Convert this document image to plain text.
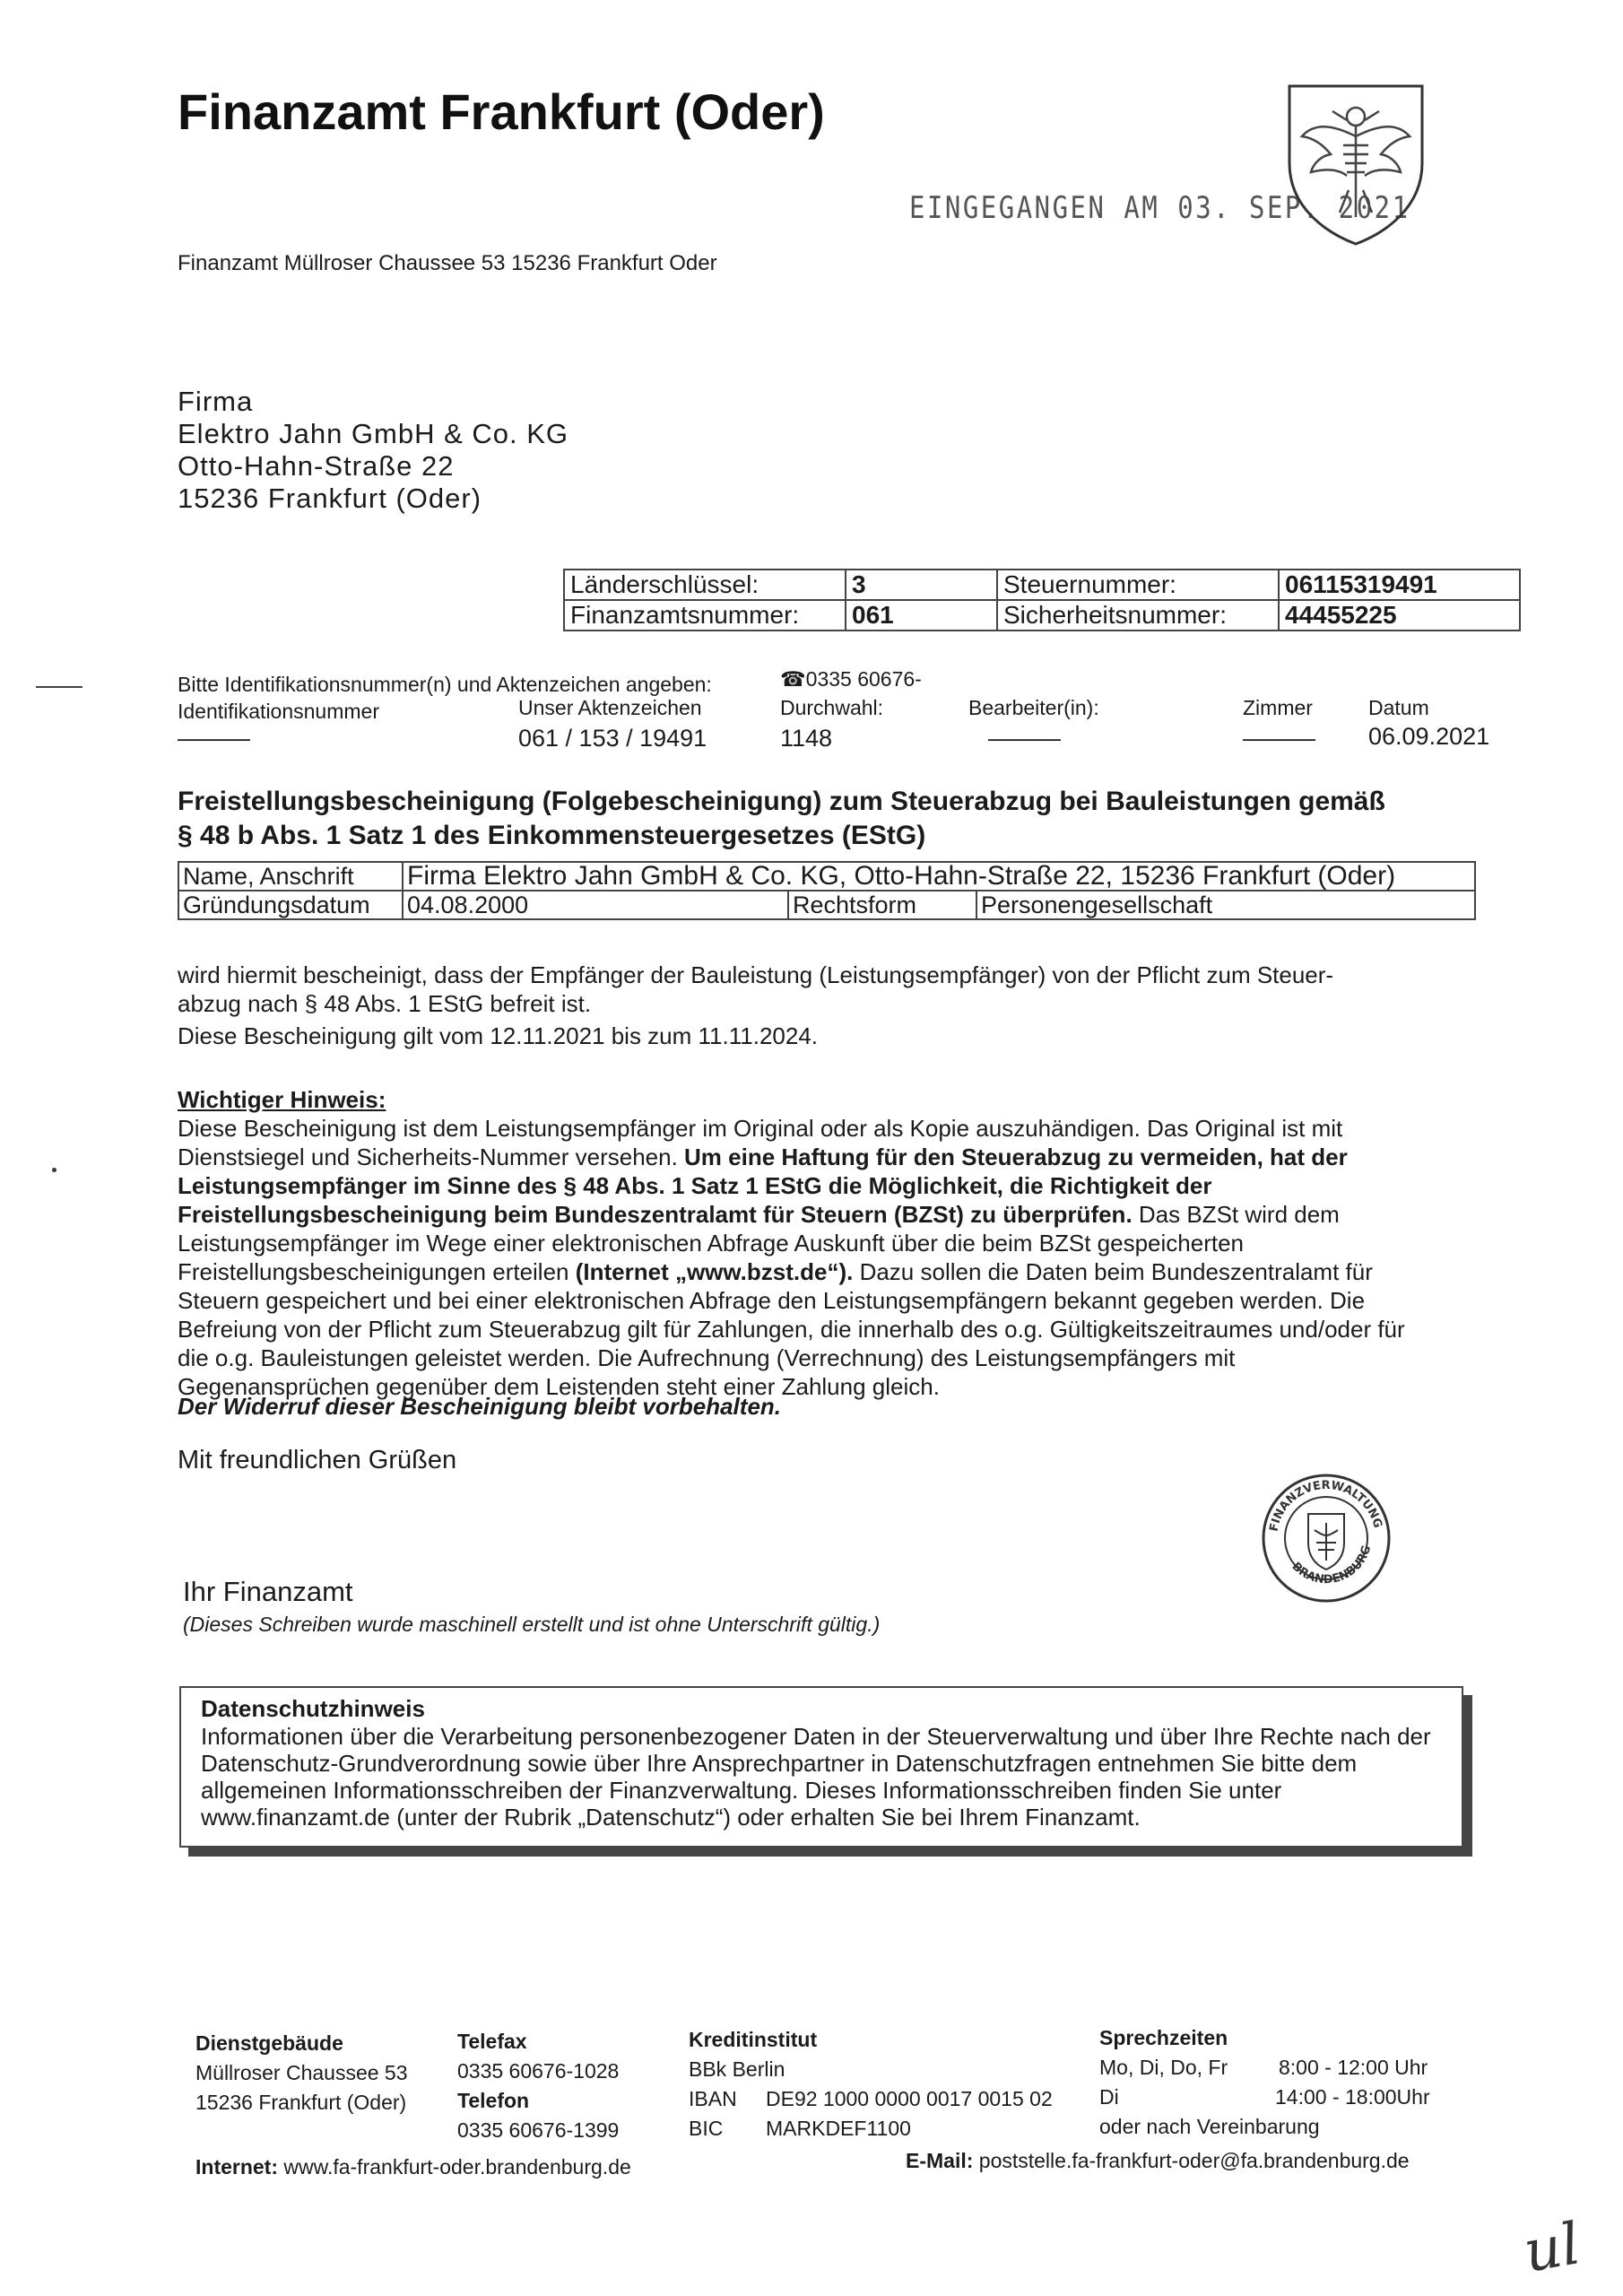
Finanzamt Frankfurt (Oder)
EINGEGANGEN AM 03. SEP. 2021
Finanzamt Müllroser Chaussee 53 15236 Frankfurt Oder
Firma
Elektro Jahn GmbH & Co. KG
Otto-Hahn-Straße 22
15236 Frankfurt (Oder)
Länderschlüssel:	3	Steuernummer:	06115319491
Finanzamtsnummer:	061	Sicherheitsnummer:	44455225
Bitte Identifikationsnummer(n) und Aktenzeichen angeben:	☎0335 60676-
Identifikationsnummer	Unser Aktenzeichen	Durchwahl:	Bearbeiter(in):	Zimmer	Datum
———	061 / 153 / 19491	1148	———	——— 06.09.2021
Freistellungsbescheinigung (Folgebescheinigung) zum Steuerabzug bei Bauleistungen gemäß
§ 48 b Abs. 1 Satz 1 des Einkommensteuergesetzes (EStG)
Name, Anschrift	Firma Elektro Jahn GmbH & Co. KG, Otto-Hahn-Straße 22, 15236 Frankfurt (Oder)		
Gründungsdatum	04.08.2000	Rechtsform	Personengesellschaft
wird hiermit bescheinigt, dass der Empfänger der Bauleistung (Leistungsempfänger) von der Pflicht zum Steuer-
abzug nach § 48 Abs. 1 EStG befreit ist.
Diese Bescheinigung gilt vom 12.11.2021 bis zum 11.11.2024.
Wichtiger Hinweis:
Diese Bescheinigung ist dem Leistungsempfänger im Original oder als Kopie auszuhändigen. Das Original ist mit Dienstsiegel und Sicherheits-Nummer versehen. Um eine Haftung für den Steuerabzug zu vermeiden, hat der Leistungsempfänger im Sinne des § 48 Abs. 1 Satz 1 EStG die Möglichkeit, die Richtigkeit der Freistellungsbescheinigung beim Bundeszentralamt für Steuern (BZSt) zu überprüfen. Das BZSt wird dem Leistungsempfänger im Wege einer elektronischen Abfrage Auskunft über die beim BZSt gespeicherten Freistellungsbescheinigungen erteilen (Internet „www.bzst.de“). Dazu sollen die Daten beim Bundeszentralamt für Steuern gespeichert und bei einer elektronischen Abfrage den Leistungsempfängern bekannt gegeben werden. Die Befreiung von der Pflicht zum Steuerabzug gilt für Zahlungen, die innerhalb des o.g. Gültigkeitszeitraumes und/oder für die o.g. Bauleistungen geleistet werden. Die Aufrechnung (Verrechnung) des Leistungsempfängers mit Gegenansprüchen gegenüber dem Leistenden steht einer Zahlung gleich.
Der Widerruf dieser Bescheinigung bleibt vorbehalten.
Mit freundlichen Grüßen
FINANZVERWALTUNG
BRANDENBURG
Ihr Finanzamt
(Dieses Schreiben wurde maschinell erstellt und ist ohne Unterschrift gültig.)
Datenschutzhinweis
Informationen über die Verarbeitung personenbezogener Daten in der Steuerverwaltung und über Ihre Rechte nach der Datenschutz-Grundverordnung sowie über Ihre Ansprechpartner in Datenschutzfragen entnehmen Sie bitte dem allgemeinen Informationsschreiben der Finanzverwaltung. Dieses Informationsschreiben finden Sie unter www.finanzamt.de (unter der Rubrik „Datenschutz“) oder erhalten Sie bei Ihrem Finanzamt.
Dienstgebäude
Müllroser Chaussee 53
15236 Frankfurt (Oder)
Telefax
0335 60676-1028
Telefon
0335 60676-1399
Kreditinstitut
BBk Berlin
IBAN DE92 1000 0000 0017 0015 02
BIC MARKDEF1100
Sprechzeiten
Mo, Di, Do, Fr 8:00 - 12:00 Uhr
Di	14:00 - 18:00Uhr
oder nach Vereinbarung
Internet: www.fa-frankfurt-oder.brandenburg.de	E-Mail: poststelle.fa-frankfurt-oder@fa.brandenburg.de
ul
